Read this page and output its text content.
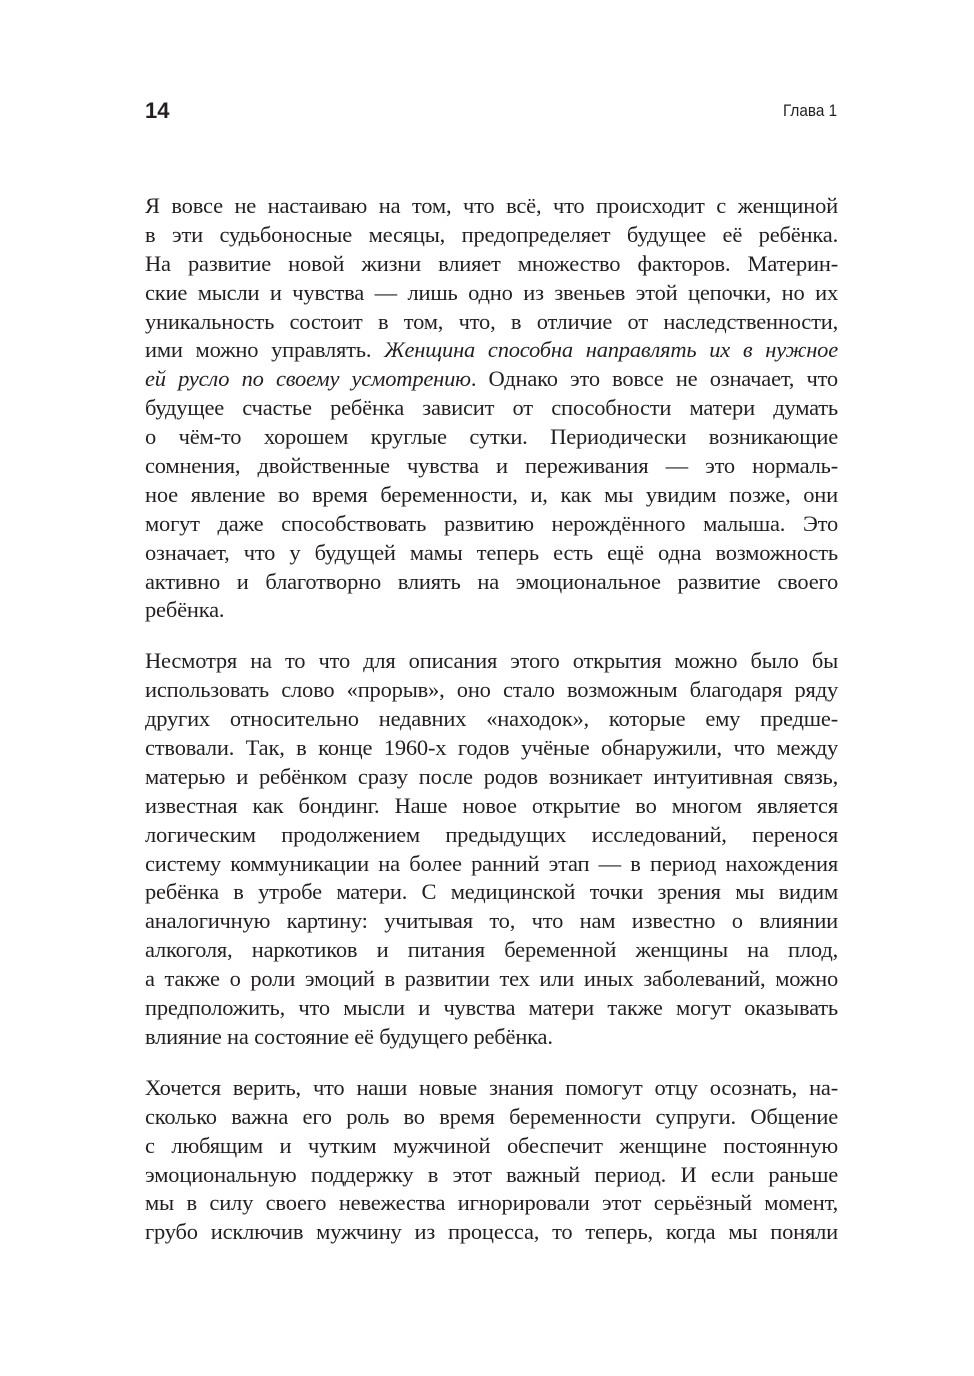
14	Глава 1
Я вовсе не настаиваю на том, что всё, что происходит с женщиной
в эти судьбоносные месяцы, предопределяет будущее её ребёнка.
На развитие новой жизни влияет множество факторов. Материн-
ские мысли и чувства — лишь одно из звеньев этой цепочки, но их
уникальность состоит в том, что, в отличие от наследственности,
ими можно управлять. Женщина способна направлять их в нужное
ей русло по своему усмотрению. Однако это вовсе не означает, что
будущее счастье ребёнка зависит от способности матери думать
о чём-то хорошем круглые сутки. Периодически возникающие
сомнения, двойственные чувства и переживания — это нормаль-
ное явление во время беременности, и, как мы увидим позже, они
могут даже способствовать развитию нерождённого малыша. Это
означает, что у будущей мамы теперь есть ещё одна возможность
активно и благотворно влиять на эмоциональное развитие своего
ребёнка.
Несмотря на то что для описания этого открытия можно было бы
использовать слово «прорыв», оно стало возможным благодаря ряду
других относительно недавних «находок», которые ему предше-
ствовали. Так, в конце 1960-х годов учёные обнаружили, что между
матерью и ребёнком сразу после родов возникает интуитивная связь,
известная как бондинг. Наше новое открытие во многом является
логическим продолжением предыдущих исследований, перенося
систему коммуникации на более ранний этап — в период нахождения
ребёнка в утробе матери. С медицинской точки зрения мы видим
аналогичную картину: учитывая то, что нам известно о влиянии
алкоголя, наркотиков и питания беременной женщины на плод,
а также о роли эмоций в развитии тех или иных заболеваний, можно
предположить, что мысли и чувства матери также могут оказывать
влияние на состояние её будущего ребёнка.
Хочется верить, что наши новые знания помогут отцу осознать, на-
сколько важна его роль во время беременности супруги. Общение
с любящим и чутким мужчиной обеспечит женщине постоянную
эмоциональную поддержку в этот важный период. И если раньше
мы в силу своего невежества игнорировали этот серьёзный момент,
грубо исключив мужчину из процесса, то теперь, когда мы поняли
